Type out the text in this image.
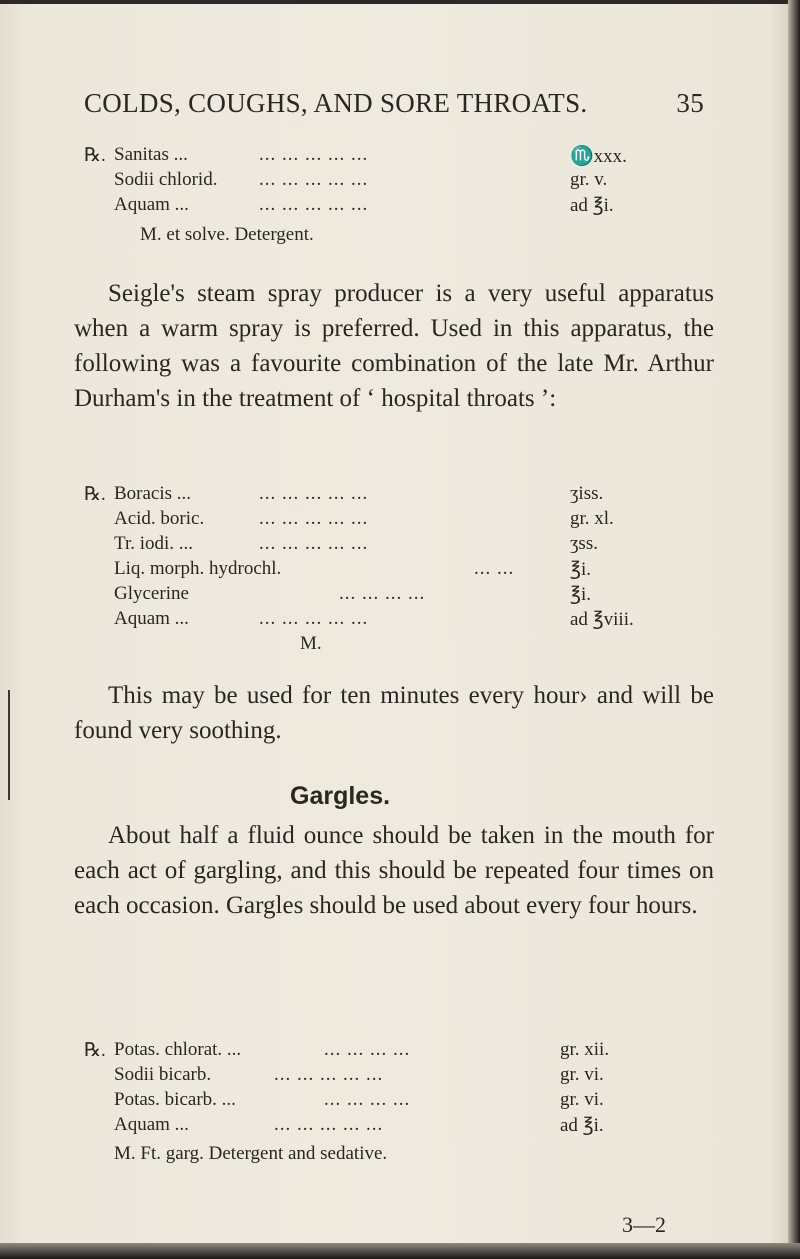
COLDS, COUGHS, AND SORE THROATS.	35
℞. Sanitas ...	... ... ... ... ...	♏xxx.
Sodii chlorid. ... ... ... ... ...	gr. v.
Aquam ...	... ... ... ... ...	ad ℥i.
M. et solve. Detergent.

Seigle's steam spray producer is a very useful apparatus when a warm spray is preferred. Used in this apparatus, the following was a favourite combination of the late Mr. Arthur Durham's in the treatment of ‘ hospital throats ’:

℞. Boracis ...	... ... ... ... ...	ʒiss.
Acid. boric.	... ... ... ... ...	gr. xl.
Tr. iodi. ...	... ... ... ... ...	ʒss.
Liq. morph. hydrochl.	... ...	℥i.
Glycerine	... ... ... ...	℥i.
Aquam ...	... ... ... ... ...	ad ℥viii.
M.

This may be used for ten minutes every hour› and will be found very soothing.

Gargles.

About half a fluid ounce should be taken in the mouth for each act of gargling, and this should be repeated four times on each occasion. Gargles should be used about every four hours.

℞. Potas. chlorat. ...	... ... ... ...	gr. xii.
Sodii bicarb.	... ... ... ... ...	gr. vi.
Potas. bicarb. ...	... ... ... ...	gr. vi.
Aquam ...	... ... ... ... ...	ad ℥i.
M. Ft. garg. Detergent and sedative.
3—2
